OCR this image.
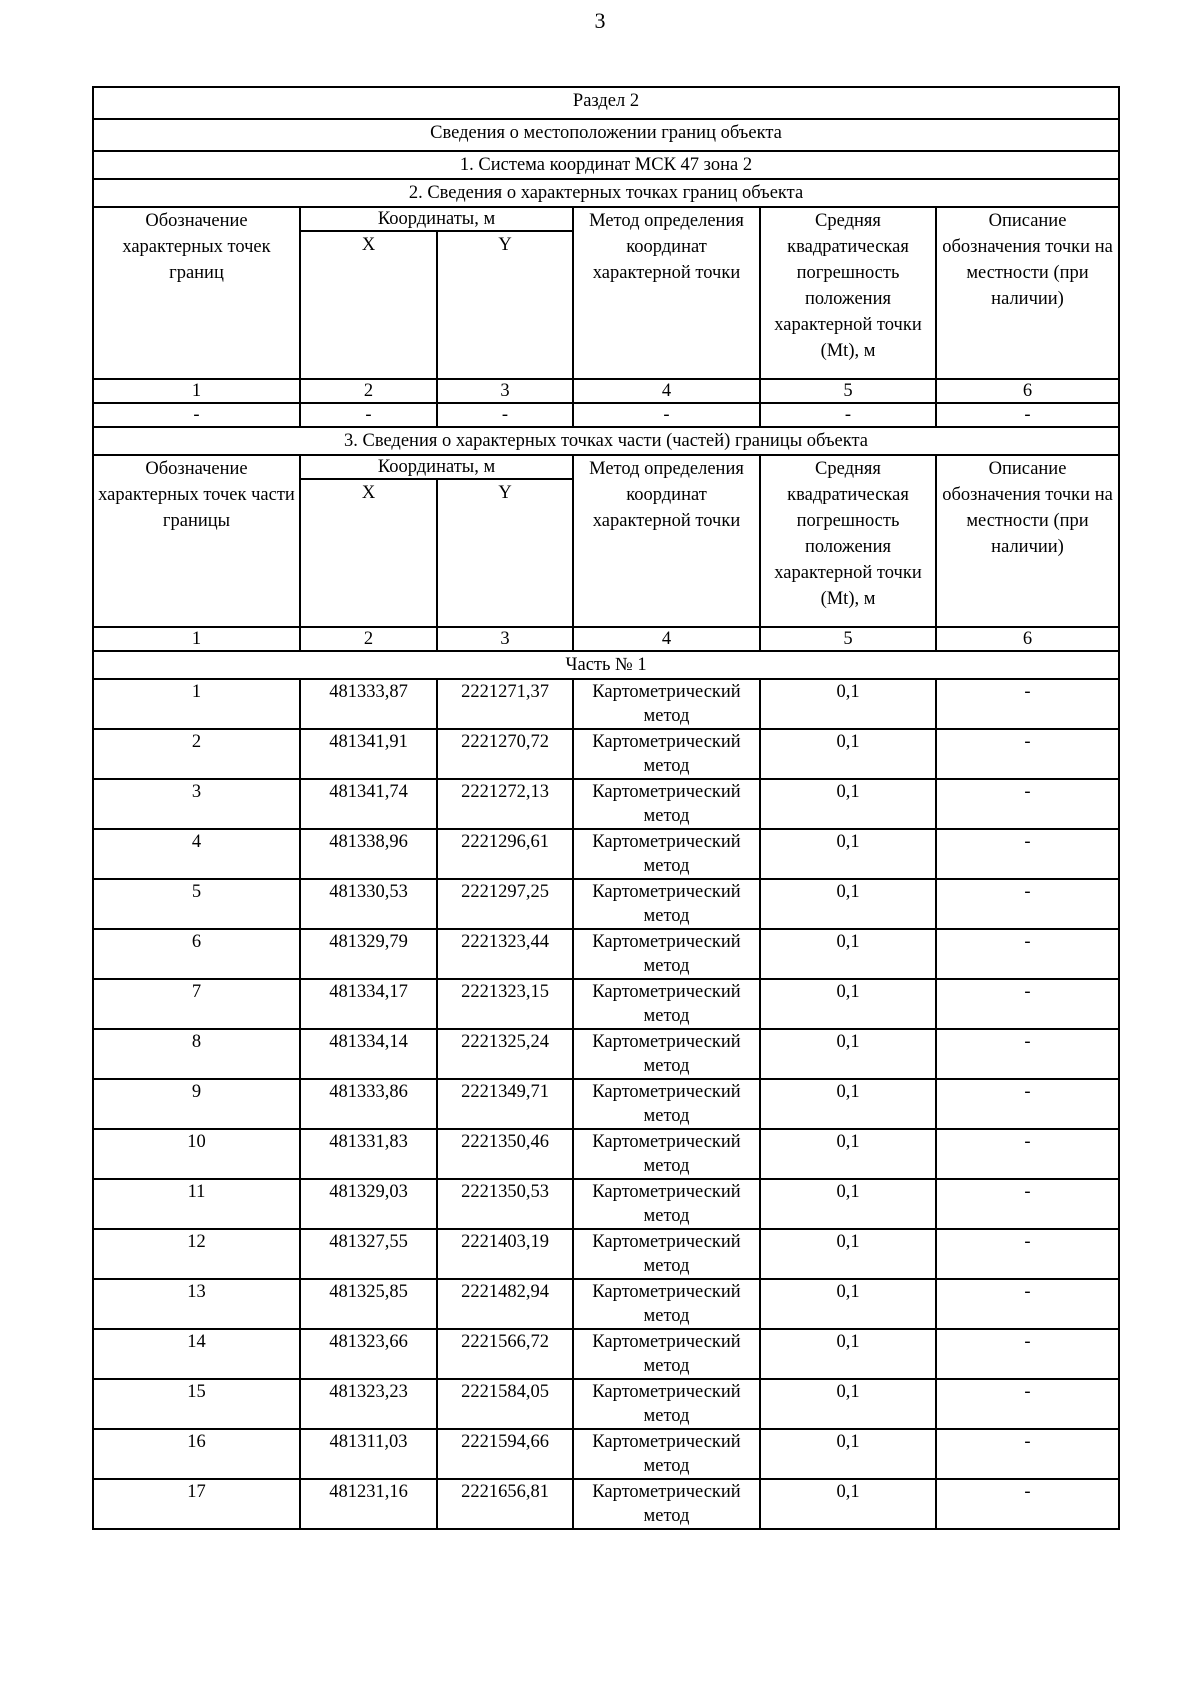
3
Раздел 2					
Сведения о местоположении границ объекта					
1. Система координат МСК 47 зона 2					
2. Сведения о характерных точках границ объекта					
Обозначение характерных точек границ	Координаты, м		Метод определения координат характерной точки	Средняя квадратическая погрешность положения характерной точки (Mt), м	Описание обозначения точки на местности (при наличии)
	X	Y			
1	2	3	4	5	6
-	-	-	-	-	-
3. Сведения о характерных точках части (частей) границы объекта					
Обозначение характерных точек части границы	Координаты, м		Метод определения координат характерной точки	Средняя квадратическая погрешность положения характерной точки (Mt), м	Описание обозначения точки на местности (при наличии)
	X	Y			
1	2	3	4	5	6
Часть № 1					
1	481333,87	2221271,37	Картометрический метод	0,1	-
2	481341,91	2221270,72	Картометрический метод	0,1	-
3	481341,74	2221272,13	Картометрический метод	0,1	-
4	481338,96	2221296,61	Картометрический метод	0,1	-
5	481330,53	2221297,25	Картометрический метод	0,1	-
6	481329,79	2221323,44	Картометрический метод	0,1	-
7	481334,17	2221323,15	Картометрический метод	0,1	-
8	481334,14	2221325,24	Картометрический метод	0,1	-
9	481333,86	2221349,71	Картометрический метод	0,1	-
10	481331,83	2221350,46	Картометрический метод	0,1	-
11	481329,03	2221350,53	Картометрический метод	0,1	-
12	481327,55	2221403,19	Картометрический метод	0,1	-
13	481325,85	2221482,94	Картометрический метод	0,1	-
14	481323,66	2221566,72	Картометрический метод	0,1	-
15	481323,23	2221584,05	Картометрический метод	0,1	-
16	481311,03	2221594,66	Картометрический метод	0,1	-
17	481231,16	2221656,81	Картометрический метод	0,1	-
